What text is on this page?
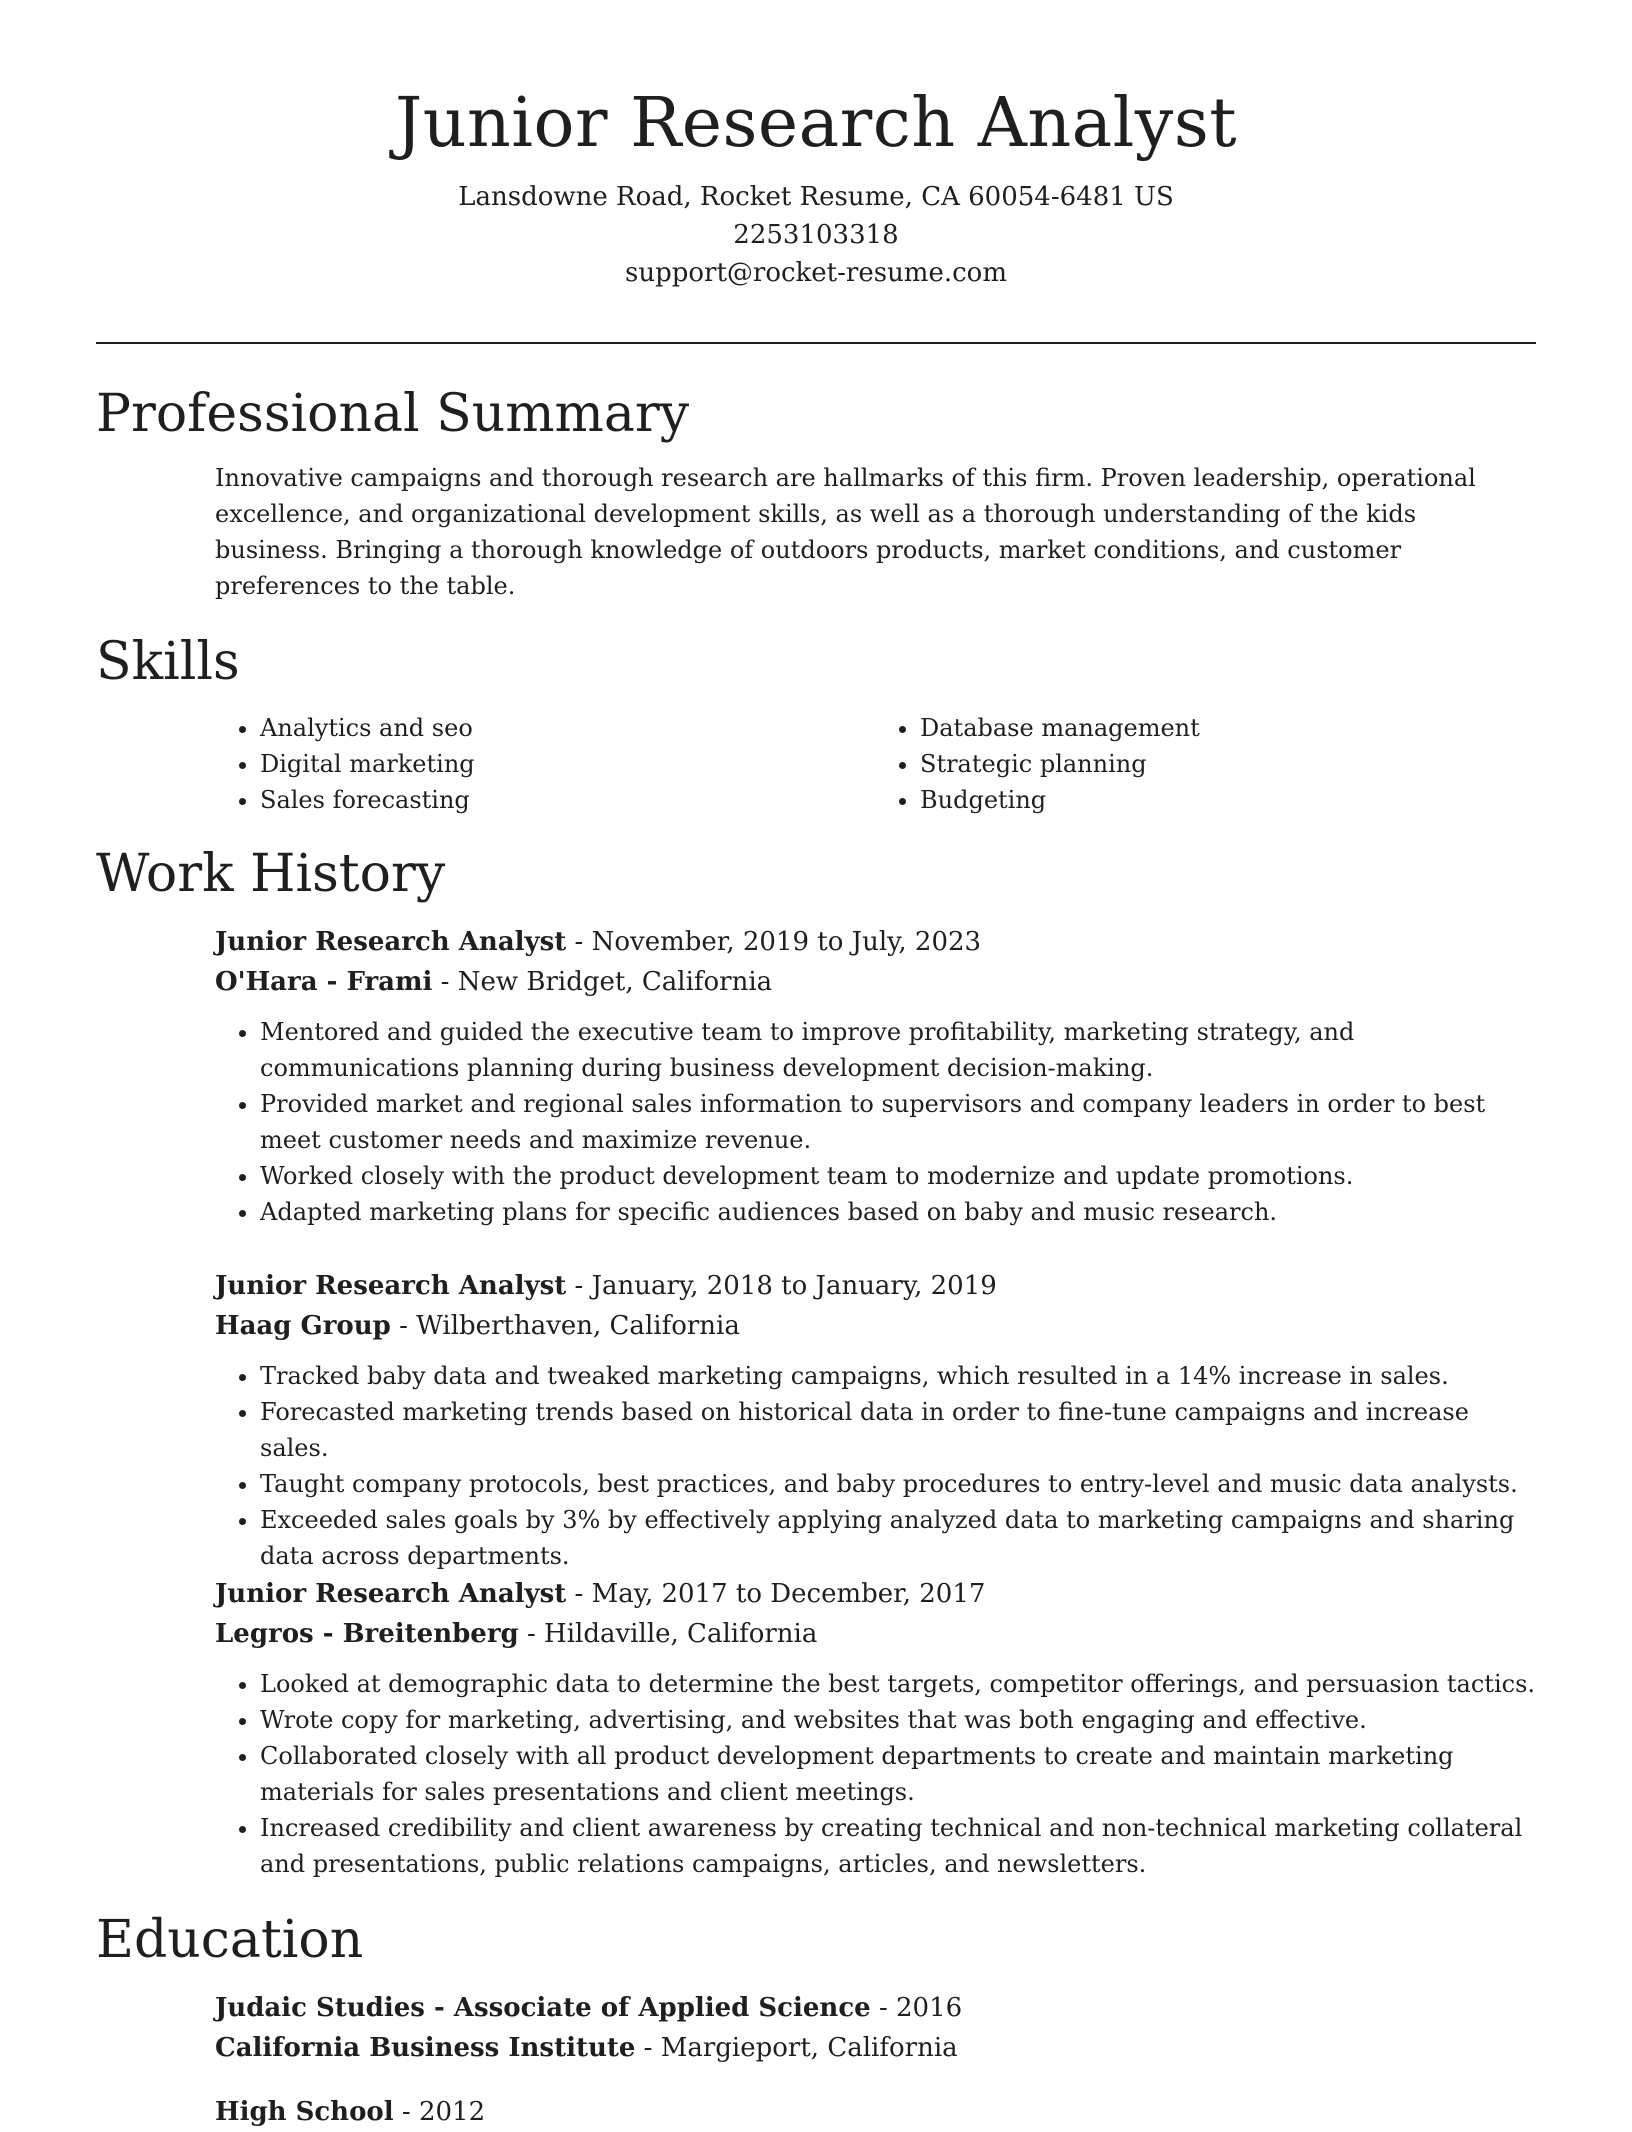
Junior Research Analyst

Lansdowne Road, Rocket Resume, CA 60054-6481 US

2253103318

support@rocket-resume.com

Professional Summary

Innovative campaigns and thorough research are hallmarks of this firm. Proven leadership, operational excellence, and organizational development skills, as well as a thorough understanding of the kids business. Bringing a thorough knowledge of outdoors products, market conditions, and customer preferences to the table.

Skills
• Analytics and seo
• Digital marketing
• Sales forecasting
• Database management
• Strategic planning
• Budgeting
Work History

Junior Research Analyst - November, 2019 to July, 2023

O'Hara - Frami - New Bridget, California

• Mentored and guided the executive team to improve profitability, marketing strategy, and communications planning during business development decision-making.
• Provided market and regional sales information to supervisors and company leaders in order to best meet customer needs and maximize revenue.
• Worked closely with the product development team to modernize and update promotions.
• Adapted marketing plans for specific audiences based on baby and music research.

Junior Research Analyst - January, 2018 to January, 2019

Haag Group - Wilberthaven, California

• Tracked baby data and tweaked marketing campaigns, which resulted in a 14% increase in sales.
• Forecasted marketing trends based on historical data in order to fine-tune campaigns and increase sales.
• Taught company protocols, best practices, and baby procedures to entry-level and music data analysts.
• Exceeded sales goals by 3% by effectively applying analyzed data to marketing campaigns and sharing data across departments.

Junior Research Analyst - May, 2017 to December, 2017

Legros - Breitenberg - Hildaville, California

• Looked at demographic data to determine the best targets, competitor offerings, and persuasion tactics.
• Wrote copy for marketing, advertising, and websites that was both engaging and effective.
• Collaborated closely with all product development departments to create and maintain marketing materials for sales presentations and client meetings.
• Increased credibility and client awareness by creating technical and non-technical marketing collateral and presentations, public relations campaigns, articles, and newsletters.
Education

Judaic Studies - Associate of Applied Science - 2016

California Business Institute - Margieport, California

High School - 2012
